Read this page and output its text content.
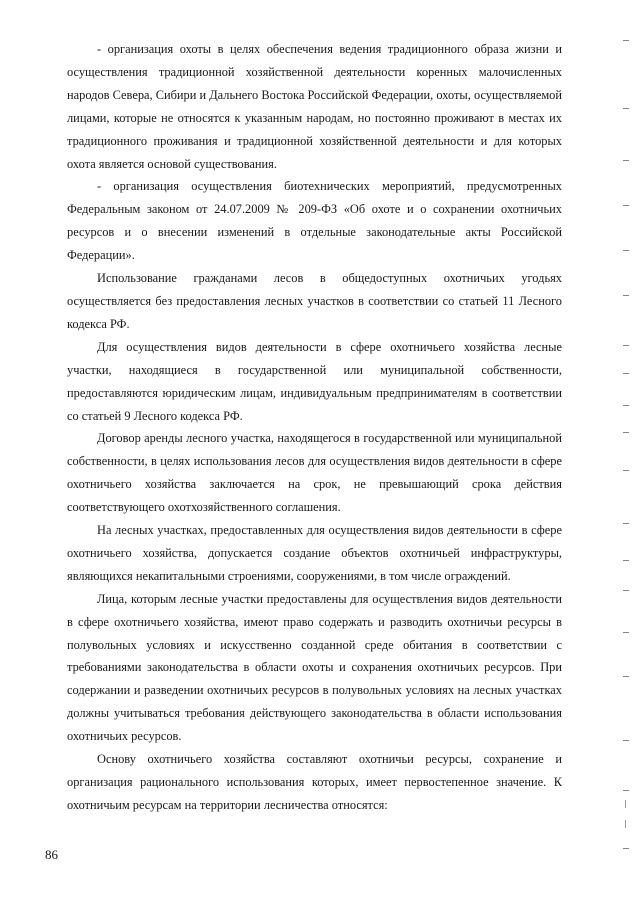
- организация охоты в целях обеспечения ведения традиционного образа жизни и осуществления традиционной хозяйственной деятельности коренных малочисленных народов Севера, Сибири и Дальнего Востока Российской Федерации, охоты, осуществляемой лицами, которые не относятся к указанным народам, но постоянно проживают в местах их традиционного проживания и традиционной хозяйственной деятельности и для которых охота является основой существования.

- организация осуществления биотехнических мероприятий, предусмотренных Федеральным законом от 24.07.2009 № 209-ФЗ «Об охоте и о сохранении охотничьих ресурсов и о внесении изменений в отдельные законодательные акты Российской Федерации».

Использование гражданами лесов в общедоступных охотничьих угодьях осуществляется без предоставления лесных участков в соответствии со статьей 11 Лесного кодекса РФ.

Для осуществления видов деятельности в сфере охотничьего хозяйства лесные участки, находящиеся в государственной или муниципальной собственности, предоставляются юридическим лицам, индивидуальным предпринимателям в соответствии со статьей 9 Лесного кодекса РФ.

Договор аренды лесного участка, находящегося в государственной или муниципальной собственности, в целях использования лесов для осуществления видов деятельности в сфере охотничьего хозяйства заключается на срок, не превышающий срока действия соответствующего охотхозяйственного соглашения.

На лесных участках, предоставленных для осуществления видов деятельности в сфере охотничьего хозяйства, допускается создание объектов охотничьей инфраструктуры, являющихся некапитальными строениями, сооружениями, в том числе ограждений.

Лица, которым лесные участки предоставлены для осуществления видов деятельности в сфере охотничьего хозяйства, имеют право содержать и разводить охотничьи ресурсы в полувольных условиях и искусственно созданной среде обитания в соответствии с требованиями законодательства в области охоты и сохранения охотничьих ресурсов. При содержании и разведении охотничьих ресурсов в полувольных условиях на лесных участках должны учитываться требования действующего законодательства в области использования охотничьих ресурсов.

Основу охотничьего хозяйства составляют охотничьи ресурсы, сохранение и организация рационального использования которых, имеет первостепенное значение. К охотничьим ресурсам на территории лесничества относятся:

86
